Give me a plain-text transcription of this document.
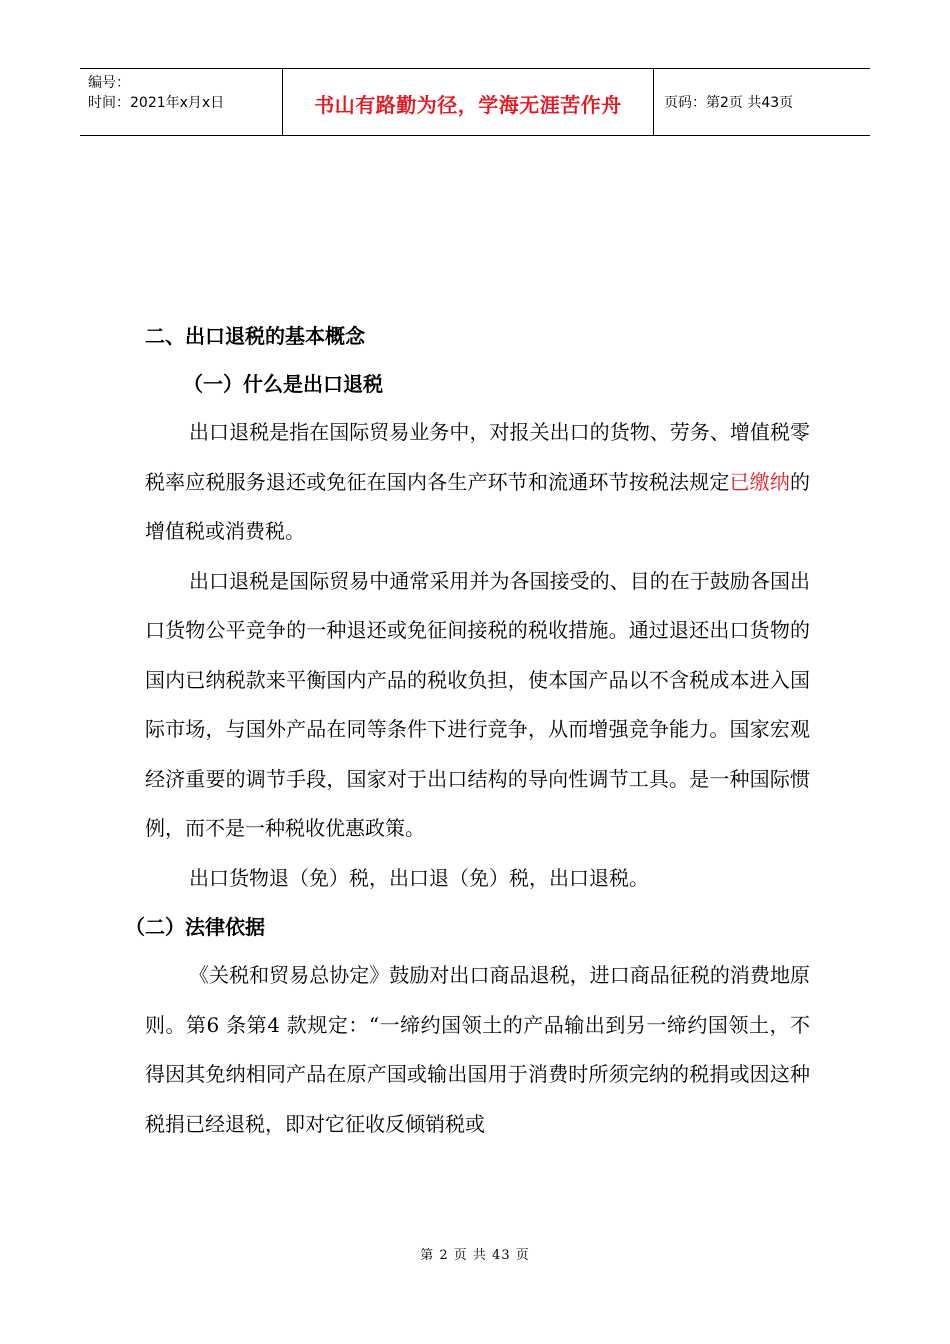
编号：
时间：2021年x月x日	书山有路勤为径，学海无涯苦作舟	页码：第2页 共43页
二、出口退税的基本概念
（一）什么是出口退税

出口退税是指在国际贸易业务中，对报关出口的货物、劳务、增值税零税率应税服务退还或免征在国内各生产环节和流通环节按税法规定已缴纳的增值税或消费税。

出口退税是国际贸易中通常采用并为各国接受的、目的在于鼓励各国出口货物公平竞争的一种退还或免征间接税的税收措施。通过退还出口货物的国内已纳税款来平衡国内产品的税收负担，使本国产品以不含税成本进入国际市场，与国外产品在同等条件下进行竞争，从而增强竞争能力。国家宏观经济重要的调节手段，国家对于出口结构的导向性调节工具。是一种国际惯例，而不是一种税收优惠政策。

出口货物退（免）税，出口退（免）税，出口退税。

（二）法律依据

《关税和贸易总协定》鼓励对出口商品退税，进口商品征税的消费地原则。第6 条第4 款规定：“一缔约国领土的产品输出到另一缔约国领土，不得因其免纳相同产品在原产国或输出国用于消费时所须完纳的税捐或因这种税捐已经退税，即对它征收反倾销税或

第 2 页 共 43 页
